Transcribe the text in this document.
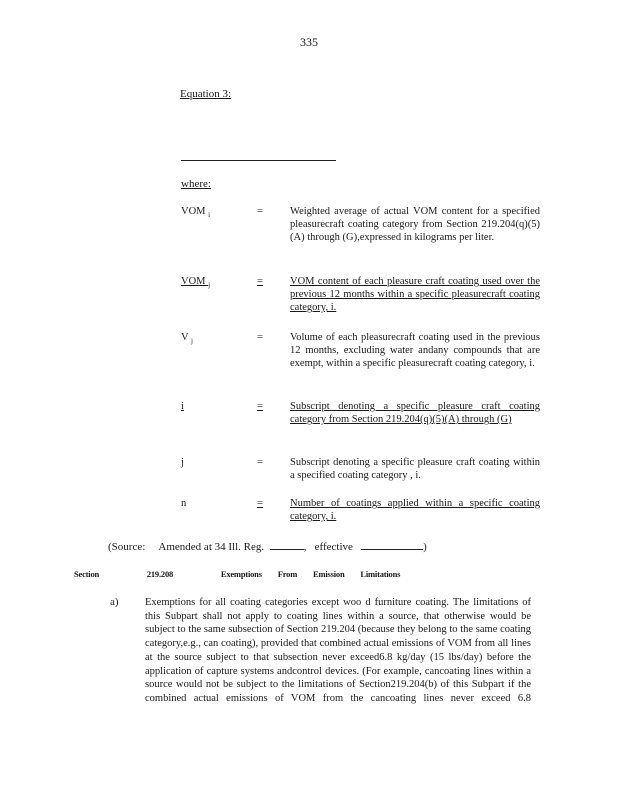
335
Equation 3:
where:
VOM $_i$	=	Weighted average of actual VOM content for a specified pleasurecraft coating category from Section 219.204(q)(5)(A) through (G),expressed in kilograms per liter.
VOM $_j$	=	VOM content of each pleasure craft coating used over the previous 12 months within a specific pleasurecraft coating category, i.
V $_j$	=	Volume of each pleasurecraft coating used in the previous 12 months, excluding water andany compounds that are exempt, within a specific pleasurecraft coating category, i.
i	=	Subscript denoting a specific pleasure craft coating category from Section 219.204(q)(5)(A) through (G)
j	=	Subscript denoting a specific pleasure craft coating within a specified coating category , i.
n	=	Number of coatings applied within a specific coating category, i.
(Source: Amended at 34 Ill. Reg.	, effective	)
Section	219.208	Exemptions From Emission Limitations
a)	Exemptions for all coating categories except woo d furniture coating. The limitations of this Subpart shall not apply to coating lines within a source, that otherwise would be subject to the same subsection of Section 219.204 (because they belong to the same coating category,e.g., can coating), provided that combined actual emissions of VOM from all lines at the source subject to that subsection never exceed6.8 kg/day (15 lbs/day) before the application of capture systems andcontrol devices. (For example, cancoating lines within a source would not be subject to the limitations of Section219.204(b) of this Subpart if the combined actual emissions of VOM from the cancoating lines never exceed 6.8
